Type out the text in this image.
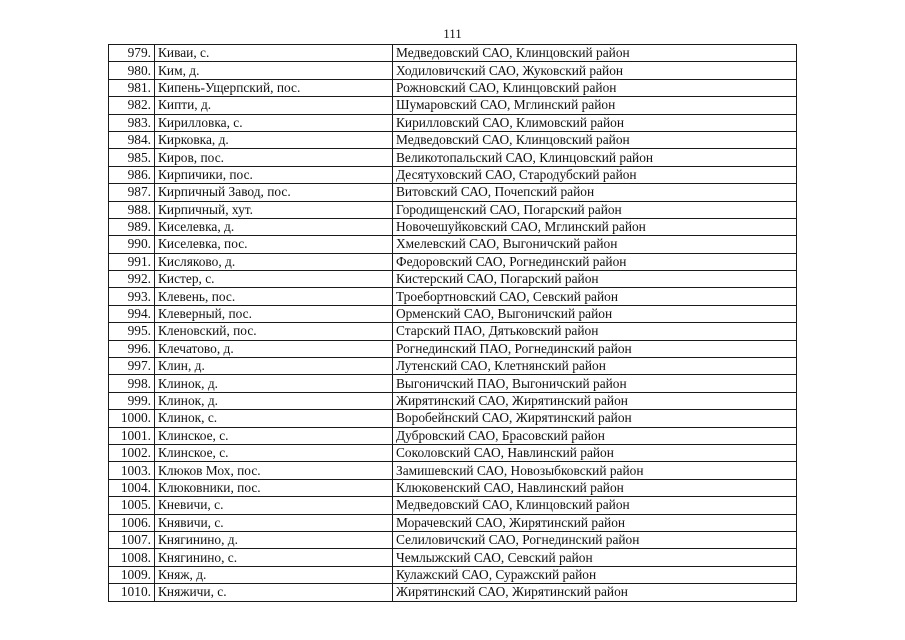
111
979.	Киваи, с.	Медведовский САО, Клинцовский район
980.	Ким, д.	Ходиловичский САО, Жуковский район
981.	Кипень-Ущерпский, пос.	Рожновский САО, Клинцовский район
982.	Кипти, д.	Шумаровский САО, Мглинский район
983.	Кирилловка, с.	Кирилловский САО, Климовский район
984.	Кирковка, д.	Медведовский САО, Клинцовский район
985.	Киров, пос.	Великотопальский САО, Клинцовский район
986.	Кирпичики, пос.	Десятуховский САО, Стародубский район
987.	Кирпичный Завод, пос.	Витовский САО, Почепский район
988.	Кирпичный, хут.	Городищенский САО, Погарский район
989.	Киселевка, д.	Новочешуйковский САО, Мглинский район
990.	Киселевка, пос.	Хмелевский САО, Выгоничский район
991.	Кисляково, д.	Федоровский САО, Рогнединский район
992.	Кистер, с.	Кистерский САО, Погарский район
993.	Клевень, пос.	Троебортновский САО, Севский район
994.	Клеверный, пос.	Орменский САО, Выгоничский район
995.	Кленовский, пос.	Старский ПАО, Дятьковский район
996.	Клечатово, д.	Рогнединский ПАО, Рогнединский район
997.	Клин, д.	Лутенский САО, Клетнянский район
998.	Клинок, д.	Выгоничский ПАО, Выгоничский район
999.	Клинок, д.	Жирятинский САО, Жирятинский район
1000.	Клинок, с.	Воробейнский САО, Жирятинский район
1001.	Клинское, с.	Дубровский САО, Брасовский район
1002.	Клинское, с.	Соколовский САО, Навлинский район
1003.	Клюков Мох, пос.	Замишевский САО, Новозыбковский район
1004.	Клюковники, пос.	Клюковенский САО, Навлинский район
1005.	Кневичи, с.	Медведовский САО, Клинцовский район
1006.	Княвичи, с.	Морачевский САО, Жирятинский район
1007.	Княгинино, д.	Селиловичский САО, Рогнединский район
1008.	Княгинино, с.	Чемлыжский САО, Севский район
1009.	Княж, д.	Кулажский САО, Суражский район
1010.	Княжичи, с.	Жирятинский САО, Жирятинский район
